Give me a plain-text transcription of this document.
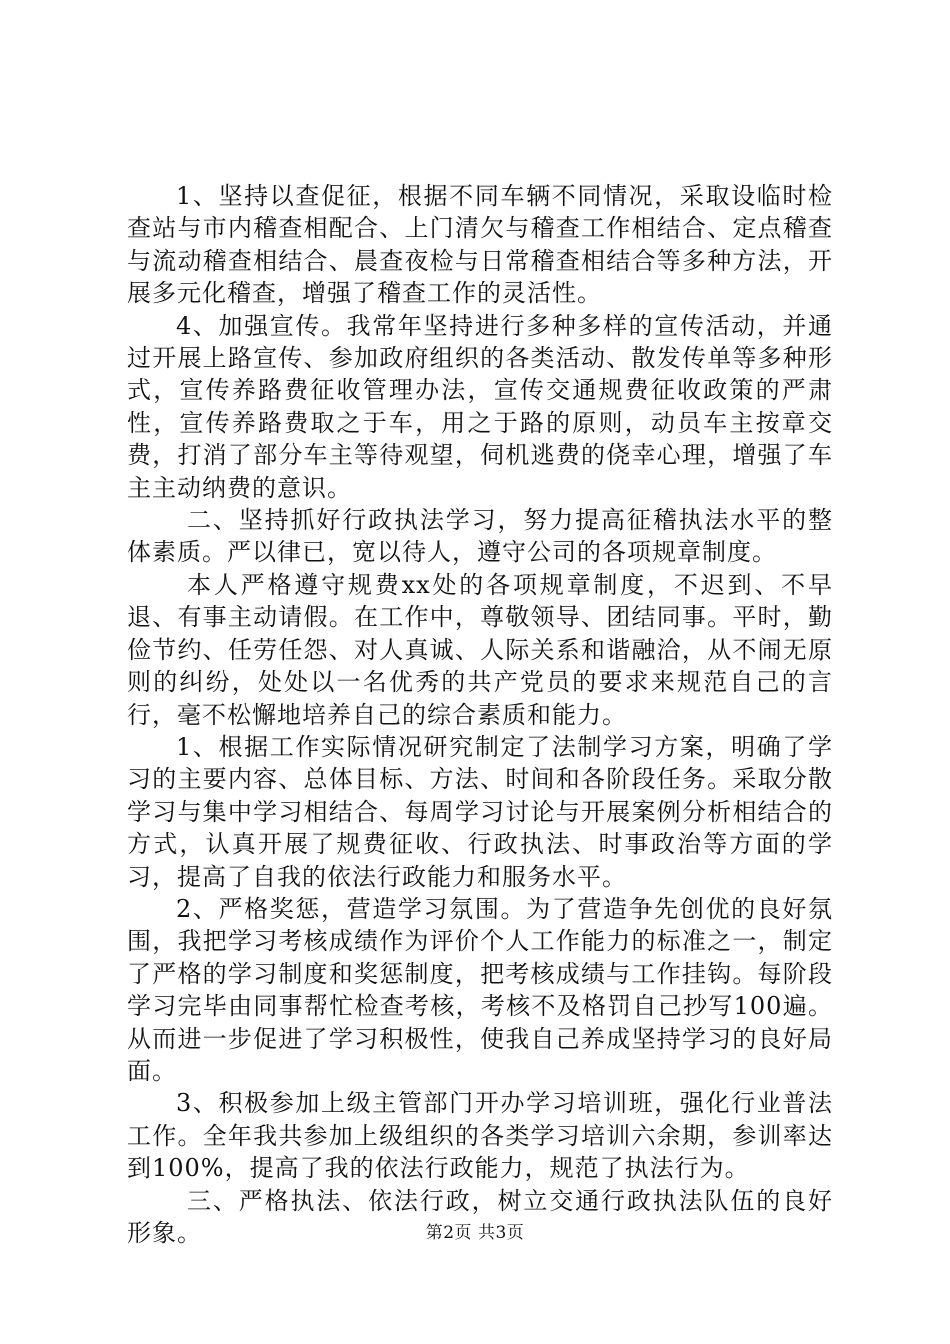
1、坚持以查促征，根据不同车辆不同情况，采取设临时检查站与市内稽查相配合、上门清欠与稽查工作相结合、定点稽查与流动稽查相结合、晨查夜检与日常稽查相结合等多种方法，开展多元化稽查，增强了稽查工作的灵活性。

4、加强宣传。我常年坚持进行多种多样的宣传活动，并通过开展上路宣传、参加政府组织的各类活动、散发传单等多种形式，宣传养路费征收管理办法，宣传交通规费征收政策的严肃性，宣传养路费取之于车，用之于路的原则，动员车主按章交费，打消了部分车主等待观望，伺机逃费的侥幸心理，增强了车主主动纳费的意识。

二、坚持抓好行政执法学习，努力提高征稽执法水平的整体素质。严以律已，宽以待人，遵守公司的各项规章制度。

本人严格遵守规费xx处的各项规章制度，不迟到、不早退、有事主动请假。在工作中，尊敬领导、团结同事。平时，勤俭节约、任劳任怨、对人真诚、人际关系和谐融洽，从不闹无原则的纠纷，处处以一名优秀的共产党员的要求来规范自己的言行，毫不松懈地培养自己的综合素质和能力。

1、根据工作实际情况研究制定了法制学习方案，明确了学习的主要内容、总体目标、方法、时间和各阶段任务。采取分散学习与集中学习相结合、每周学习讨论与开展案例分析相结合的方式，认真开展了规费征收、行政执法、时事政治等方面的学习，提高了自我的依法行政能力和服务水平。

2、严格奖惩，营造学习氛围。为了营造争先创优的良好氛围，我把学习考核成绩作为评价个人工作能力的标准之一，制定了严格的学习制度和奖惩制度，把考核成绩与工作挂钩。每阶段学习完毕由同事帮忙检查考核，考核不及格罚自己抄写100遍。从而进一步促进了学习积极性，使我自己养成坚持学习的良好局面。

3、积极参加上级主管部门开办学习培训班，强化行业普法工作。全年我共参加上级组织的各类学习培训六余期，参训率达到100%，提高了我的依法行政能力，规范了执法行为。

三、严格执法、依法行政，树立交通行政执法队伍的良好形象。	第2页 共3页
